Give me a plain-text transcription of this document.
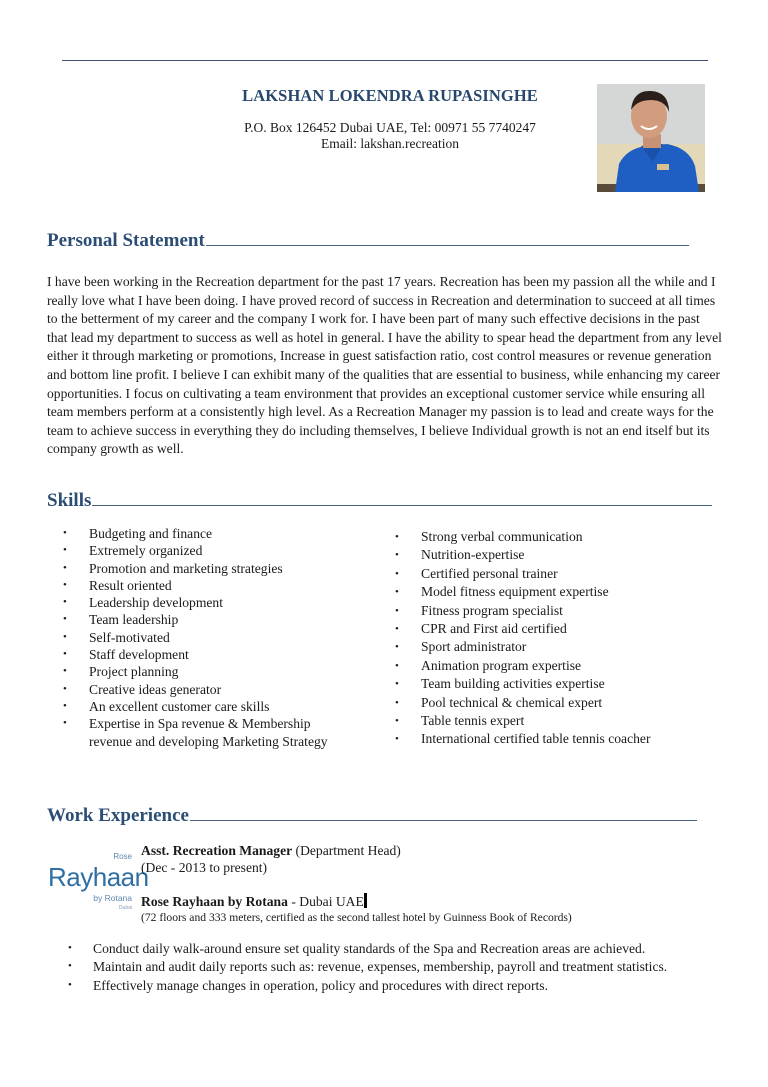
LAKSHAN LOKENDRA RUPASINGHE
P.O. Box 126452 Dubai UAE, Tel: 00971 55 7740247
Email: lakshan.recreation
Personal Statement

I have been working in the Recreation department for the past 17 years. Recreation has been my passion all the while and I really love what I have been doing. I have proved record of success in Recreation and determination to succeed at all times to the betterment of my career and the company I work for. I have been part of many such effective decisions in the past that lead my department to success as well as hotel in general. I have the ability to spear head the department from any level either it through marketing or promotions, Increase in guest satisfaction ratio, cost control measures or revenue generation and bottom line profit. I believe I can exhibit many of the qualities that are essential to business, while enhancing my career opportunities. I focus on cultivating a team environment that provides an exceptional customer service while ensuring all team members perform at a consistently high level. As a Recreation Manager my passion is to lead and create ways for the team to achieve success in everything they do including themselves, I believe Individual growth is not an end itself but its company growth as well.

Skills
• Budgeting and finance
• Extremely organized
• Promotion and marketing strategies
• Result oriented
• Leadership development
• Team leadership
• Self-motivated
• Staff development
• Project planning
• Creative ideas generator
• An excellent customer care skills
• Expertise in Spa revenue & Membership revenue and developing Marketing Strategy
• Strong verbal communication
• Nutrition-expertise
• Certified personal trainer
• Model fitness equipment expertise
• Fitness program specialist
• CPR and First aid certified
• Sport administrator
• Animation program expertise
• Team building activities expertise
• Pool technical & chemical expert
• Table tennis expert
• International certified table tennis coacher
Work Experience
Rose
Rayhaan
by Rotana
Dubai
Asst. Recreation Manager (Department Head)
(Dec - 2013 to present)
Rose Rayhaan by Rotana - Dubai UAE
(72 floors and 333 meters, certified as the second tallest hotel by Guinness Book of Records)
• Conduct daily walk-around ensure set quality standards of the Spa and Recreation areas are achieved.
• Maintain and audit daily reports such as: revenue, expenses, membership, payroll and treatment statistics.
• Effectively manage changes in operation, policy and procedures with direct reports.
